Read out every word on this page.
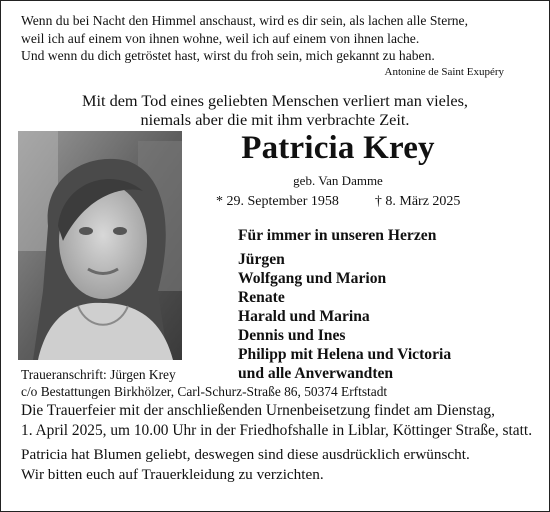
Wenn du bei Nacht den Himmel anschaust, wird es dir sein, als lachen alle Sterne,
weil ich auf einem von ihnen wohne, weil ich auf einem von ihnen lache.
Und wenn du dich getröstet hast, wirst du froh sein, mich gekannt zu haben.
Antonine de Saint Exupéry
Mit dem Tod eines geliebten Menschen verliert man vieles,
niemals aber die mit ihm verbrachte Zeit.
Patricia Krey
geb. Van Damme
* 29. September 1958	† 8. März 2025
Für immer in unseren Herzen
Jürgen
Wolfgang und Marion
Renate
Harald und Marina
Dennis und Ines
Philipp mit Helena und Victoria
und alle Anverwandten
Traueranschrift: Jürgen Krey
c/o Bestattungen Birkhölzer, Carl-Schurz-Straße 86, 50374 Erftstadt
Die Trauerfeier mit der anschließenden Urnenbeisetzung findet am Dienstag,
1. April 2025, um 10.00 Uhr in der Friedhofshalle in Liblar, Köttinger Straße, statt.
Patricia hat Blumen geliebt, deswegen sind diese ausdrücklich erwünscht.
Wir bitten euch auf Trauerkleidung zu verzichten.
